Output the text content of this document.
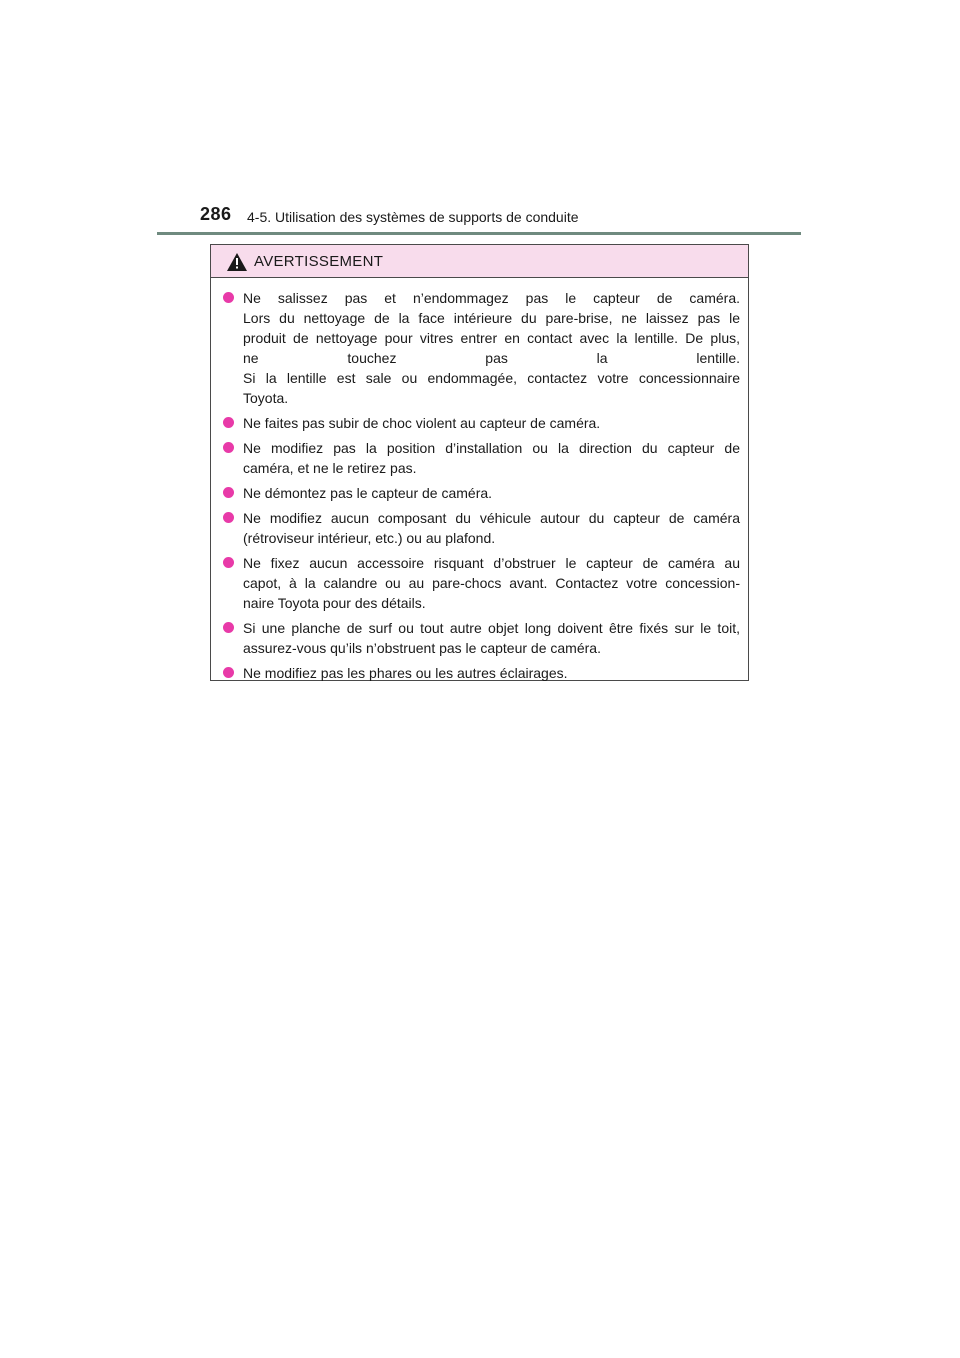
286 4-5. Utilisation des systèmes de supports de conduite
AVERTISSEMENT
Ne salissez pas et n’endommagez pas le capteur de caméra.
Lors du nettoyage de la face intérieure du pare-brise, ne laissez pas le
produit de nettoyage pour vitres entrer en contact avec la lentille. De plus,
ne touchez pas la lentille.
Si la lentille est sale ou endommagée, contactez votre concessionnaire
Toyota.
Ne faites pas subir de choc violent au capteur de caméra.
Ne modifiez pas la position d’installation ou la direction du capteur de
caméra, et ne le retirez pas.
Ne démontez pas le capteur de caméra.
Ne modifiez aucun composant du véhicule autour du capteur de caméra
(rétroviseur intérieur, etc.) ou au plafond.
Ne fixez aucun accessoire risquant d’obstruer le capteur de caméra au
capot, à la calandre ou au pare-chocs avant. Contactez votre concession-
naire Toyota pour des détails.
Si une planche de surf ou tout autre objet long doivent être fixés sur le toit,
assurez-vous qu’ils n’obstruent pas le capteur de caméra.
Ne modifiez pas les phares ou les autres éclairages.
